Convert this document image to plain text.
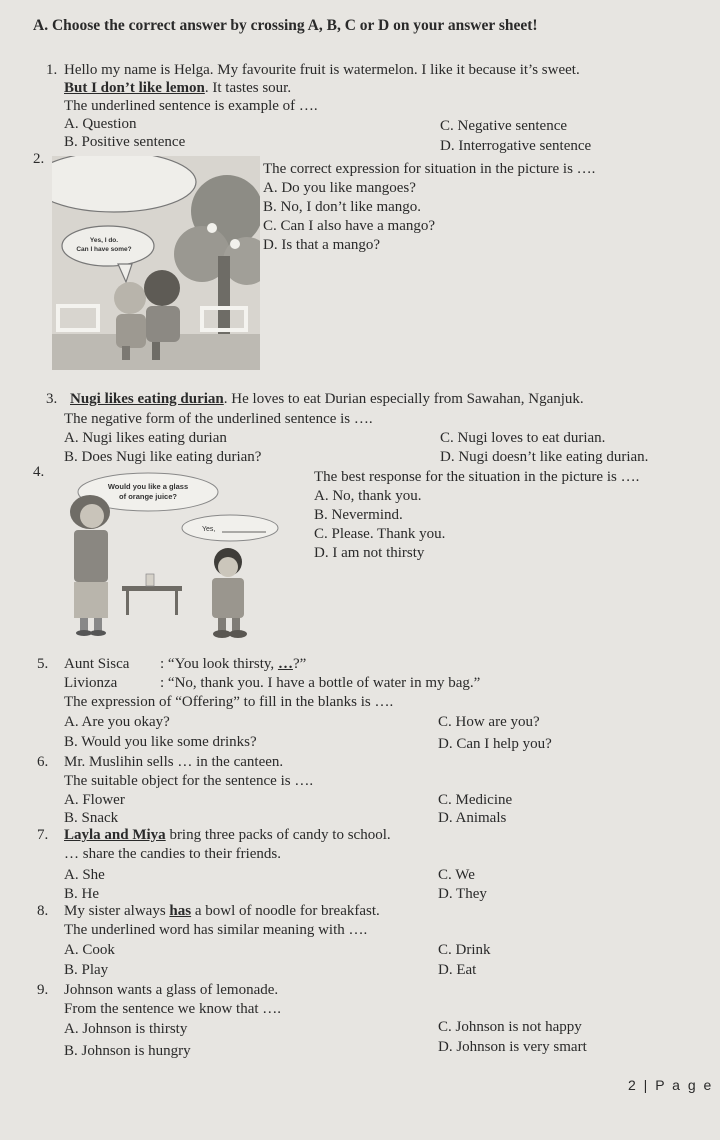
A. Choose the correct answer by crossing A, B, C or D on your answer sheet!
1. Hello my name is Helga. My favourite fruit is watermelon. I like it because it’s sweet.
But I don’t like lemon. It tastes sour.
The underlined sentence is example of ….
A. Question	C. Negative sentence
B. Positive sentence	D. Interrogative sentence
2.
Yes, I do.
Can I have some?
The correct expression for situation in the picture is ….
A. Do you like mangoes?
B. No, I don’t like mango.
C. Can I also have a mango?
D. Is that a mango?
3. Nugi likes eating durian. He loves to eat Durian especially from Sawahan, Nganjuk.
The negative form of the underlined sentence is ….
A. Nugi likes eating durian	C. Nugi loves to eat durian.
B. Does Nugi like eating durian?	D. Nugi doesn’t like eating durian.
4.
Would you like a glass
of orange juice?
Yes,
The best response for the situation in the picture is ….
A. No, thank you.
B. Nevermind.
C. Please. Thank you.
D. I am not thirsty
5. Aunt Sisca : “You look thirsty, …?”
Livionza	: “No, thank you. I have a bottle of water in my bag.”
The expression of “Offering” to fill in the blanks is ….
A. Are you okay?	C. How are you?
B. Would you like some drinks?	D. Can I help you?
6. Mr. Muslihin sells … in the canteen.
The suitable object for the sentence is ….
A. Flower	C. Medicine
B. Snack	D. Animals
7. Layla and Miya bring three packs of candy to school.
… share the candies to their friends.
A. She	C. We
B. He	D. They
8. My sister always has a bowl of noodle for breakfast.
The underlined word has similar meaning with ….
A. Cook	C. Drink
B. Play	D. Eat
9. Johnson wants a glass of lemonade.
From the sentence we know that ….
A. Johnson is thirsty	C. Johnson is not happy
B. Johnson is hungry	D. Johnson is very smart
2 | P a g e
